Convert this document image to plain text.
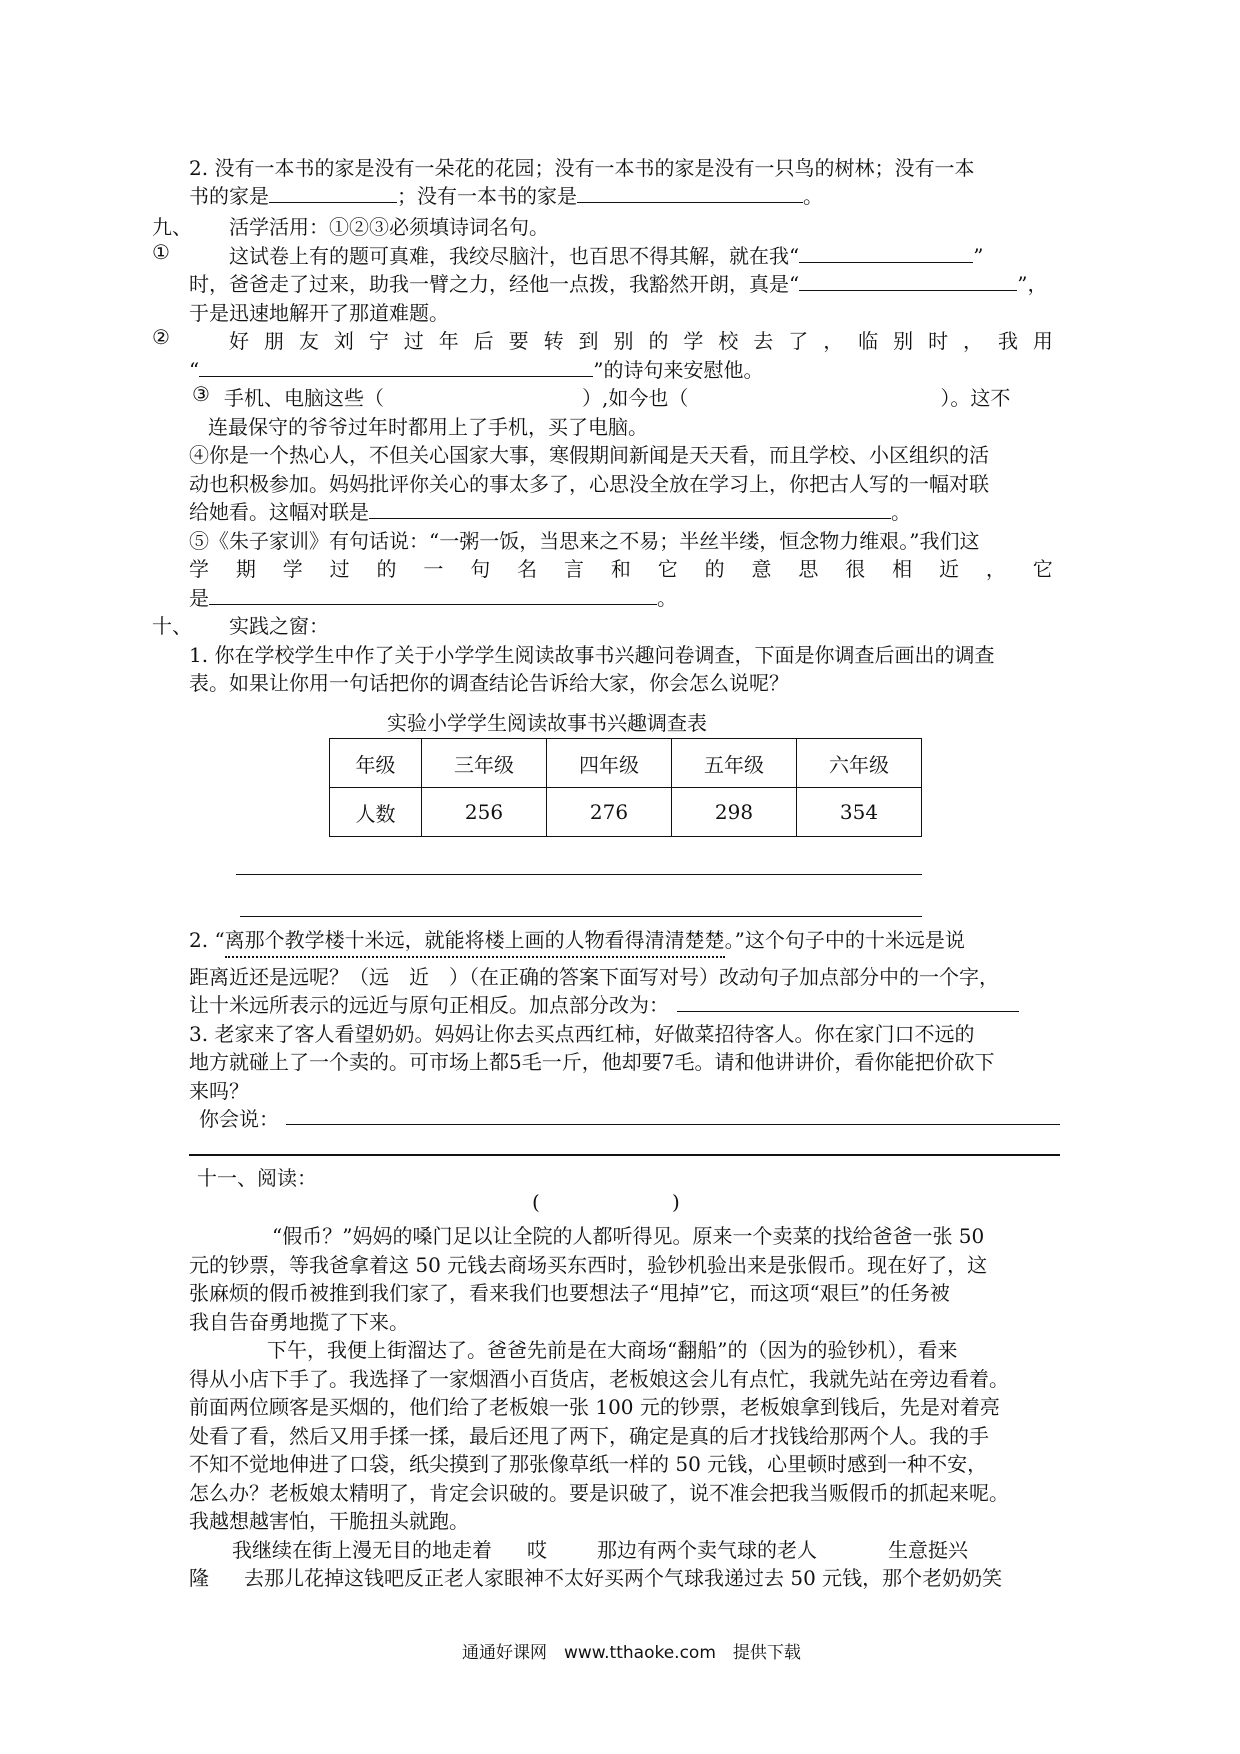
2. 没有一本书的家是没有一朵花的花园；没有一本书的家是没有一只鸟的树林；没有一本
书的家是	；没有一本书的家是	。
九、 活学活用：①②③必须填诗词名句。
①	这试卷上有的题可真难，我绞尽脑汁，也百思不得其解，就在我“	”
时，爸爸走了过来，助我一臂之力，经他一点拨，我豁然开朗，真是“	”，
于是迅速地解开了那道难题。
②	好 朋 友 刘 宁 过 年 后 要 转 到 别 的 学 校 去 了 ， 临 别 时 ， 我 用
“	”的诗句来安慰他。
③ 手机、电脑这些（	）,如今也（	）。这不
连最保守的爷爷过年时都用上了手机，买了电脑。
④你是一个热心人，不但关心国家大事，寒假期间新闻是天天看，而且学校、小区组织的活
动也积极参加。妈妈批评你关心的事太多了，心思没全放在学习上，你把古人写的一幅对联
给她看。这幅对联是	。
⑤《朱子家训》有句话说：“一粥一饭，当思来之不易；半丝半缕，恒念物力维艰。”我们这
学 期 学 过 的 一 句 名 言 和 它 的 意 思 很 相 近 ， 它
是	。
十、 实践之窗：
1. 你在学校学生中作了关于小学学生阅读故事书兴趣问卷调查，下面是你调查后画出的调查
表。如果让你用一句话把你的调查结论告诉给大家，你会怎么说呢？
实验小学学生阅读故事书兴趣调查表
年级	三年级	四年级	五年级	六年级
人数	256	276	298	354
2. “离那个教学楼十米远，就能将楼上画的人物看得清清楚楚。”这个句子中的十米远是说
距离近还是远呢？（远　近　）（在正确的答案下面写对号）改动句子加点部分中的一个字，
让十米远所表示的远近与原句正相反。加点部分改为：
3. 老家来了客人看望奶奶。妈妈让你去买点西红柿，好做菜招待客人。你在家门口不远的
地方就碰上了一个卖的。可市场上都5毛一斤，他却要7毛。请和他讲讲价，看你能把价砍下
来吗？
你会说：
十一、阅读：
(	)
“假币？”妈妈的嗓门足以让全院的人都听得见。原来一个卖菜的找给爸爸一张 50
元的钞票，等我爸拿着这 50 元钱去商场买东西时，验钞机验出来是张假币。现在好了，这
张麻烦的假币被推到我们家了，看来我们也要想法子“甩掉”它，而这项“艰巨”的任务被
我自告奋勇地揽了下来。
下午，我便上街溜达了。爸爸先前是在大商场“翻船”的（因为的验钞机），看来
得从小店下手了。我选择了一家烟酒小百货店，老板娘这会儿有点忙，我就先站在旁边看着。
前面两位顾客是买烟的，他们给了老板娘一张 100 元的钞票，老板娘拿到钱后，先是对着亮
处看了看，然后又用手揉一揉，最后还甩了两下，确定是真的后才找钱给那两个人。我的手
不知不觉地伸进了口袋，纸尖摸到了那张像草纸一样的 50 元钱，心里顿时感到一种不安，
怎么办？老板娘太精明了，肯定会识破的。要是识破了，说不准会把我当贩假币的抓起来呢。
我越想越害怕，干脆扭头就跑。
我继续在街上漫无目的地走着 哎	那边有两个卖气球的老人	生意挺兴
隆 去那儿花掉这钱吧反正老人家眼神不太好买两个气球我递过去 50 元钱，那个老奶奶笑
通通好课网　www.tthaoke.com　提供下载
